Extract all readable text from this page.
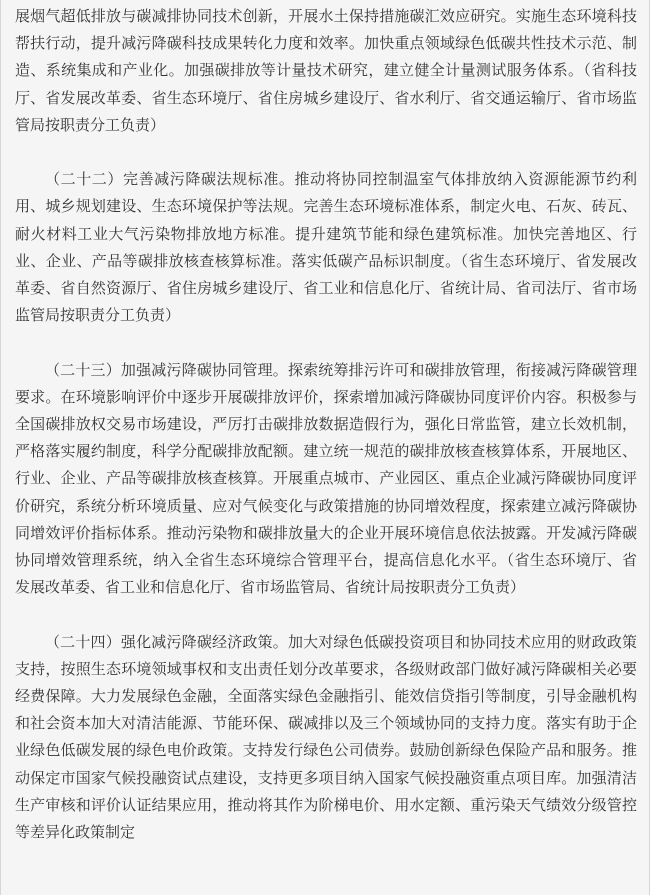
展烟气超低排放与碳减排协同技术创新，开展水土保持措施碳汇效应研究。实施生态环境科技帮扶行动，提升减污降碳科技成果转化力度和效率。加快重点领域绿色低碳共性技术示范、制造、系统集成和产业化。加强碳排放等计量技术研究，建立健全计量测试服务体系。（省科技厅、省发展改革委、省生态环境厅、省住房城乡建设厅、省水利厅、省交通运输厅、省市场监管局按职责分工负责）

（二十二）完善减污降碳法规标准。推动将协同控制温室气体排放纳入资源能源节约利用、城乡规划建设、生态环境保护等法规。完善生态环境标准体系，制定火电、石灰、砖瓦、耐火材料工业大气污染物排放地方标准。提升建筑节能和绿色建筑标准。加快完善地区、行业、企业、产品等碳排放核查核算标准。落实低碳产品标识制度。（省生态环境厅、省发展改革委、省自然资源厅、省住房城乡建设厅、省工业和信息化厅、省统计局、省司法厅、省市场监管局按职责分工负责）

（二十三）加强减污降碳协同管理。探索统筹排污许可和碳排放管理，衔接减污降碳管理要求。在环境影响评价中逐步开展碳排放评价，探索增加减污降碳协同度评价内容。积极参与全国碳排放权交易市场建设，严厉打击碳排放数据造假行为，强化日常监管，建立长效机制，严格落实履约制度，科学分配碳排放配额。建立统一规范的碳排放核查核算体系，开展地区、行业、企业、产品等碳排放核查核算。开展重点城市、产业园区、重点企业减污降碳协同度评价研究，系统分析环境质量、应对气候变化与政策措施的协同增效程度，探索建立减污降碳协同增效评价指标体系。推动污染物和碳排放量大的企业开展环境信息依法披露。开发减污降碳协同增效管理系统，纳入全省生态环境综合管理平台，提高信息化水平。（省生态环境厅、省发展改革委、省工业和信息化厅、省市场监管局、省统计局按职责分工负责）

（二十四）强化减污降碳经济政策。加大对绿色低碳投资项目和协同技术应用的财政政策支持，按照生态环境领域事权和支出责任划分改革要求，各级财政部门做好减污降碳相关必要经费保障。大力发展绿色金融，全面落实绿色金融指引、能效信贷指引等制度，引导金融机构和社会资本加大对清洁能源、节能环保、碳减排以及三个领域协同的支持力度。落实有助于企业绿色低碳发展的绿色电价政策。支持发行绿色公司债券。鼓励创新绿色保险产品和服务。推动保定市国家气候投融资试点建设，支持更多项目纳入国家气候投融资重点项目库。加强清洁生产审核和评价认证结果应用，推动将其作为阶梯电价、用水定额、重污染天气绩效分级管控等差异化政策制定
